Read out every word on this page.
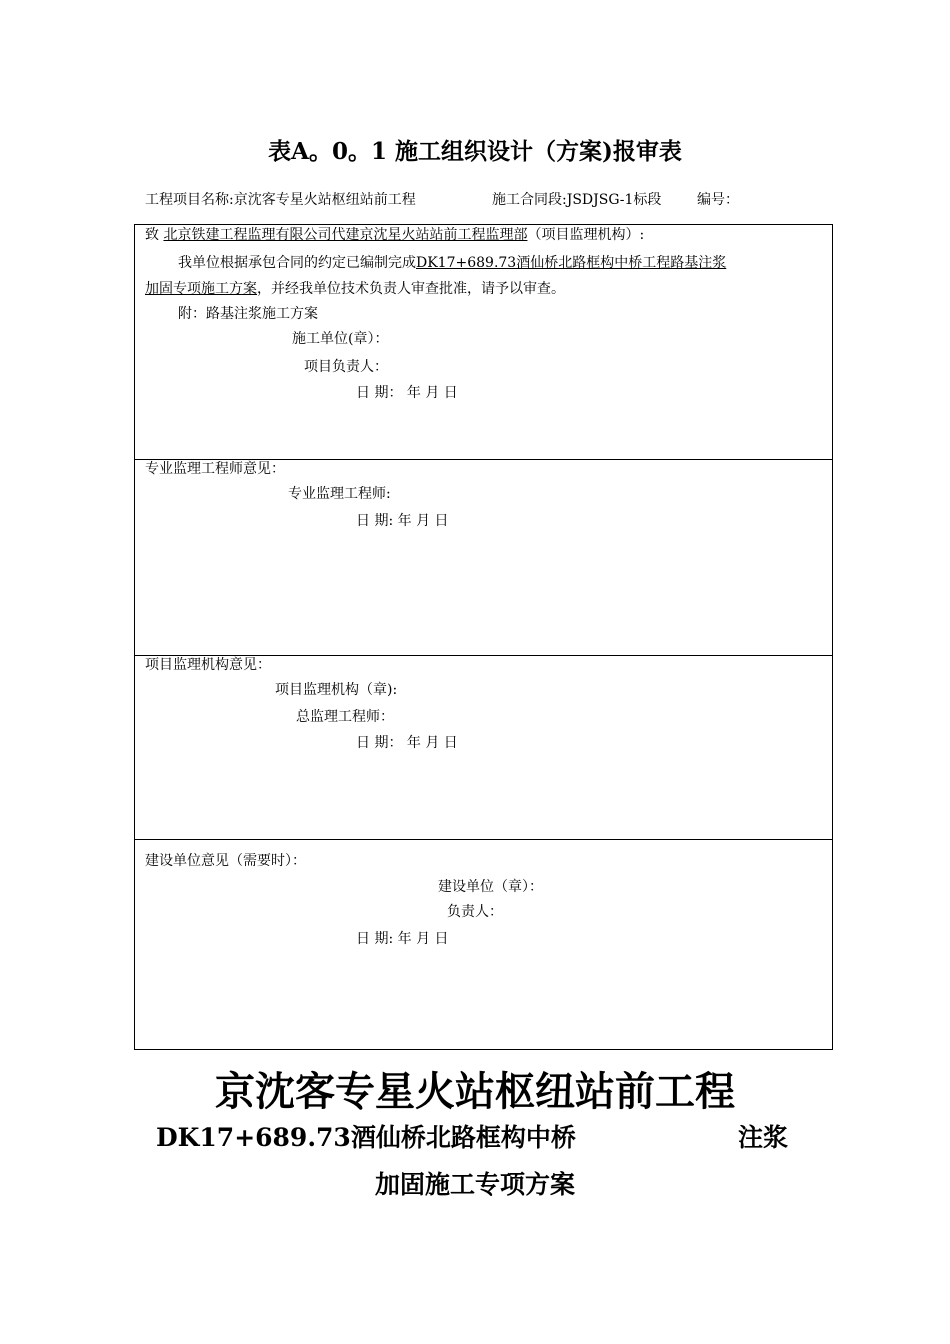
表A。0。1 施工组织设计（方案)报审表
工程项目名称:京沈客专星火站枢纽站前工程	施工合同段:JSDJSG-1标段	编号：
致 北京铁建工程监理有限公司代建京沈星火站站前工程监理部（项目监理机构）:
我单位根据承包合同的约定已编制完成DK17+689.73酒仙桥北路框构中桥工程路基注浆
加固专项施工方案，并经我单位技术负责人审查批准，请予以审查。
附：路基注浆施工方案
施工单位(章）：
项目负责人：
日 期： 年 月 日
专业监理工程师意见：
专业监理工程师:
日 期: 年 月 日
项目监理机构意见：
项目监理机构（章):
总监理工程师：
日 期： 年 月 日
建设单位意见（需要时）：
建设单位（章）：
负责人：
日 期: 年 月 日
京沈客专星火站枢纽站前工程
DK17+689.73酒仙桥北路框构中桥	注浆
加固施工专项方案
